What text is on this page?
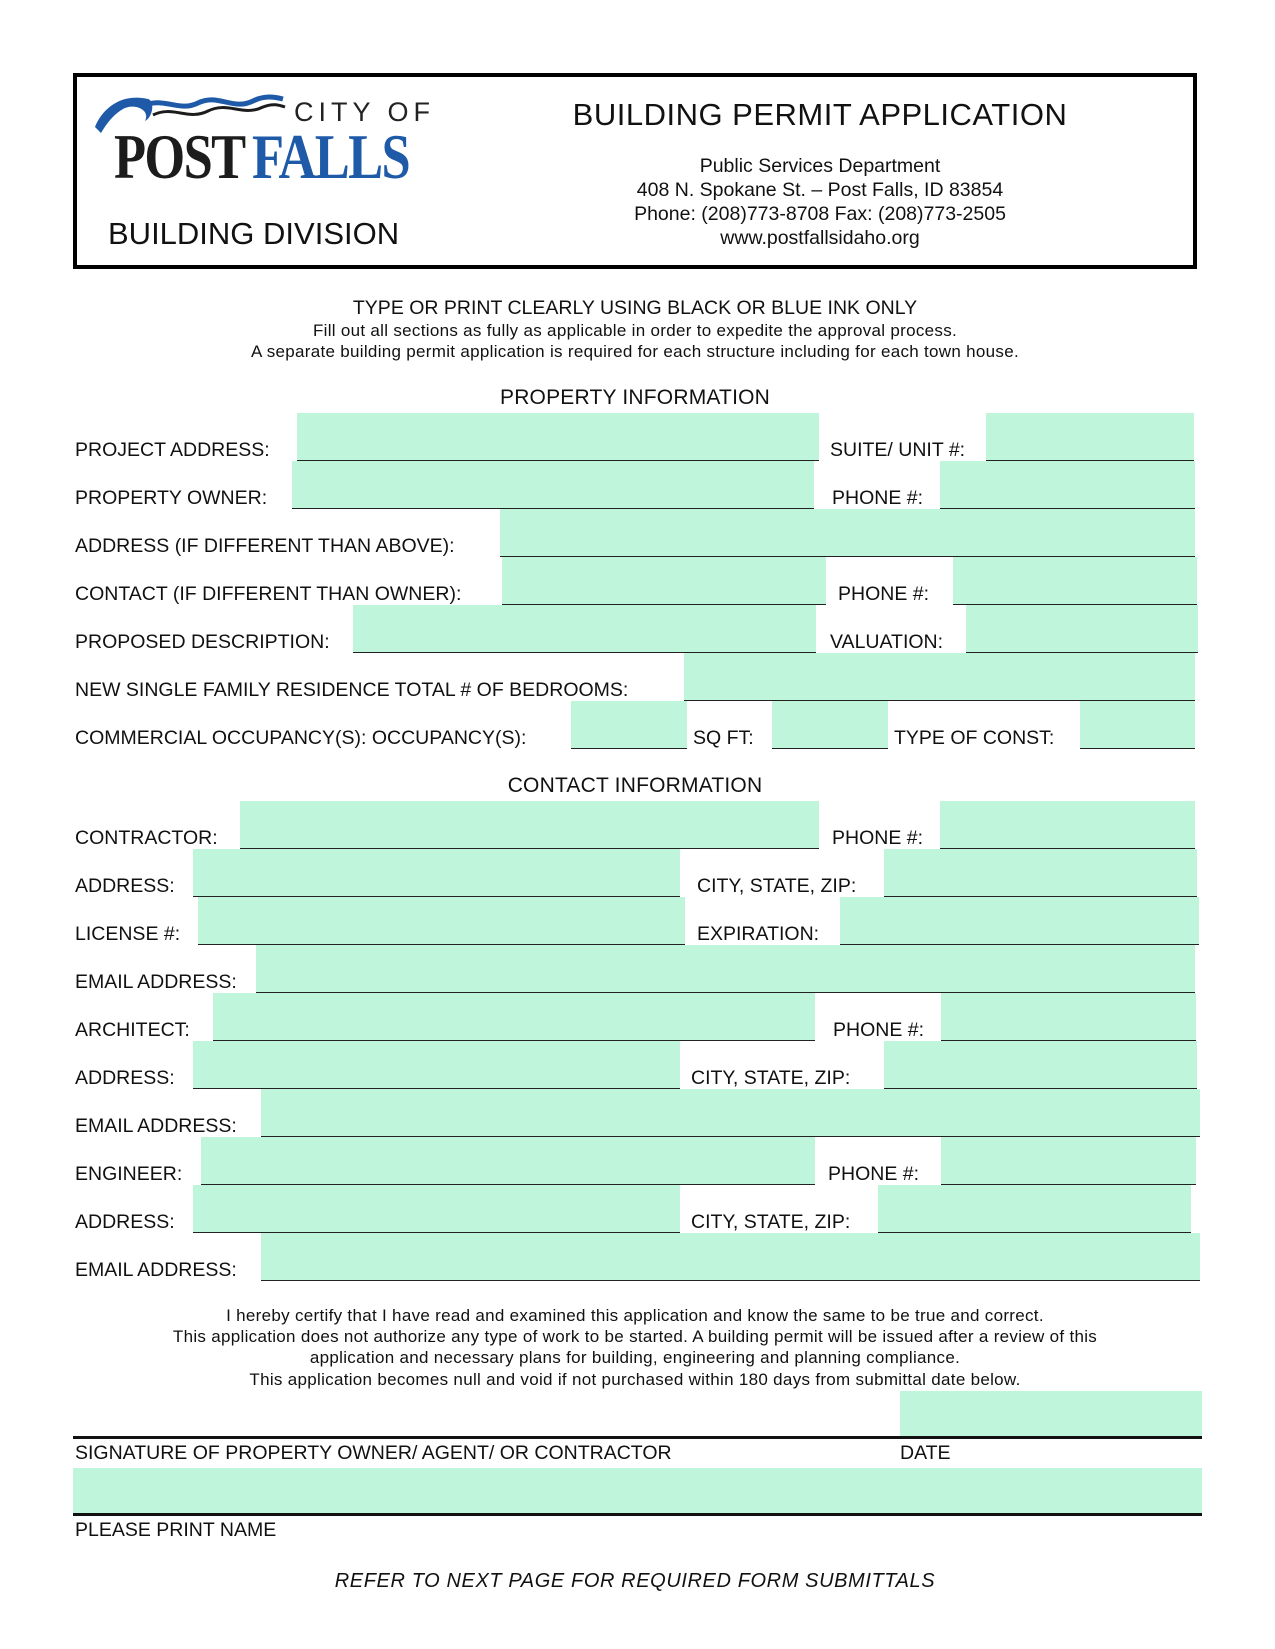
CITY OF
POST FALLS
BUILDING DIVISION
BUILDING PERMIT APPLICATION
Public Services Department
408 N. Spokane St. – Post Falls, ID 83854
Phone: (208)773-8708 Fax: (208)773-2505
www.postfallsidaho.org
TYPE OR PRINT CLEARLY USING BLACK OR BLUE INK ONLY
Fill out all sections as fully as applicable in order to expedite the approval process.
A separate building permit application is required for each structure including for each town house.
PROPERTY INFORMATION
PROJECT ADDRESS:	SUITE/ UNIT #:
PROPERTY OWNER:	PHONE #:
ADDRESS (IF DIFFERENT THAN ABOVE):
CONTACT (IF DIFFERENT THAN OWNER):	PHONE #:
PROPOSED DESCRIPTION:	VALUATION:
NEW SINGLE FAMILY RESIDENCE TOTAL # OF BEDROOMS:
COMMERCIAL OCCUPANCY(S): OCCUPANCY(S):	SQ FT:	TYPE OF CONST:
CONTACT INFORMATION
CONTRACTOR:	PHONE #:
ADDRESS:	CITY, STATE, ZIP:
LICENSE #:	EXPIRATION:
EMAIL ADDRESS:
ARCHITECT:	PHONE #:
ADDRESS:	CITY, STATE, ZIP:
EMAIL ADDRESS:
ENGINEER:	PHONE #:
ADDRESS:	CITY, STATE, ZIP:
EMAIL ADDRESS:
I hereby certify that I have read and examined this application and know the same to be true and correct.
This application does not authorize any type of work to be started. A building permit will be issued after a review of this
application and necessary plans for building, engineering and planning compliance.
This application becomes null and void if not purchased within 180 days from submittal date below.
SIGNATURE OF PROPERTY OWNER/ AGENT/ OR CONTRACTOR	DATE
PLEASE PRINT NAME
REFER TO NEXT PAGE FOR REQUIRED FORM SUBMITTALS
